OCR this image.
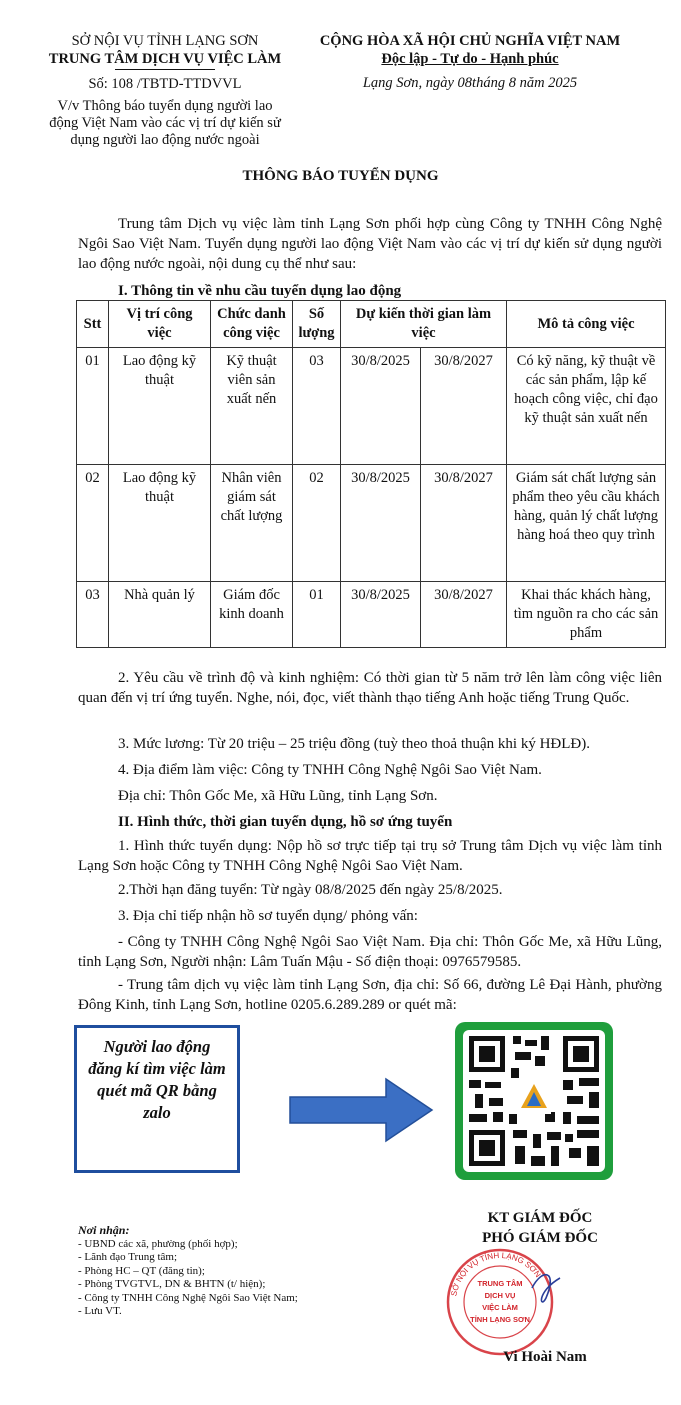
SỞ NỘI VỤ TỈNH LẠNG SƠN
TRUNG TÂM DỊCH VỤ VIỆC LÀM
Số: 108 /TBTD-TTDVVL
V/v Thông báo tuyển dụng người lao
động Việt Nam vào các vị trí dự kiến sử
dụng người lao động nước ngoài
CỘNG HÒA XÃ HỘI CHỦ NGHĨA VIỆT NAM
Độc lập - Tự do - Hạnh phúc
Lạng Sơn, ngày 08tháng 8 năm 2025
THÔNG BÁO TUYỂN DỤNG
Trung tâm Dịch vụ việc làm tỉnh Lạng Sơn phối hợp cùng Công ty TNHH Công Nghệ Ngôi Sao Việt Nam. Tuyển dụng người lao động Việt Nam vào các vị trí dự kiến sử dụng người lao động nước ngoài, nội dung cụ thể như sau:
I. Thông tin về nhu cầu tuyển dụng lao động
Stt	Vị trí công việc	Chức danh công việc	Số lượng	Dự kiến thời gian làm việc		Mô tả công việc
01	Lao động kỹ thuật	Kỹ thuật viên sản xuất nến	03	30/8/2025	30/8/2027	Có kỹ năng, kỹ thuật về các sản phẩm, lập kế hoạch công việc, chỉ đạo kỹ thuật sản xuất nến
02	Lao động kỹ thuật	Nhân viên giám sát chất lượng	02	30/8/2025	30/8/2027	Giám sát chất lượng sản phẩm theo yêu cầu khách hàng, quản lý chất lượng hàng hoá theo quy trình
03	Nhà quản lý	Giám đốc kinh doanh	01	30/8/2025	30/8/2027	Khai thác khách hàng, tìm nguồn ra cho các sản phẩm
2. Yêu cầu về trình độ và kinh nghiệm: Có thời gian từ 5 năm trở lên làm công việc liên quan đến vị trí ứng tuyển. Nghe, nói, đọc, viết thành thạo tiếng Anh hoặc tiếng Trung Quốc.
3. Mức lương: Từ 20 triệu – 25 triệu đồng (tuỳ theo thoả thuận khi ký HĐLĐ).
4. Địa điểm làm việc: Công ty TNHH Công Nghệ Ngôi Sao Việt Nam.
Địa chỉ: Thôn Gốc Me, xã Hữu Lũng, tỉnh Lạng Sơn.
II. Hình thức, thời gian tuyển dụng, hồ sơ ứng tuyển
1. Hình thức tuyển dụng: Nộp hồ sơ trực tiếp tại trụ sở Trung tâm Dịch vụ việc làm tỉnh Lạng Sơn hoặc Công ty TNHH Công Nghệ Ngôi Sao Việt Nam.
2.Thời hạn đăng tuyển: Từ ngày 08/8/2025 đến ngày 25/8/2025.
3. Địa chỉ tiếp nhận hồ sơ tuyển dụng/ phỏng vấn:
- Công ty TNHH Công Nghệ Ngôi Sao Việt Nam. Địa chỉ: Thôn Gốc Me, xã Hữu Lũng, tỉnh Lạng Sơn, Người nhận: Lâm Tuấn Mậu - Số điện thoại: 0976579585.
- Trung tâm dịch vụ việc làm tỉnh Lạng Sơn, địa chỉ: Số 66, đường Lê Đại Hành, phường Đông Kinh, tỉnh Lạng Sơn, hotline 0205.6.289.289 or quét mã:
Người lao động đăng kí tìm việc làm quét mã QR bằng zalo
Nơi nhận:
- UBND các xã, phường (phối hợp);
- Lãnh đạo Trung tâm;
- Phòng HC – QT (đăng tin);
- Phòng TVGTVL, DN & BHTN (t/ hiện);
- Công ty TNHH Công Nghệ Ngôi Sao Việt Nam;
- Lưu VT.
KT GIÁM ĐỐC
PHÓ GIÁM ĐỐC
SỞ NỘI VỤ TỈNH LẠNG SƠN
TRUNG TÂM
DỊCH VỤ
VIỆC LÀM
TỈNH LẠNG SƠN
Vi Hoài Nam
